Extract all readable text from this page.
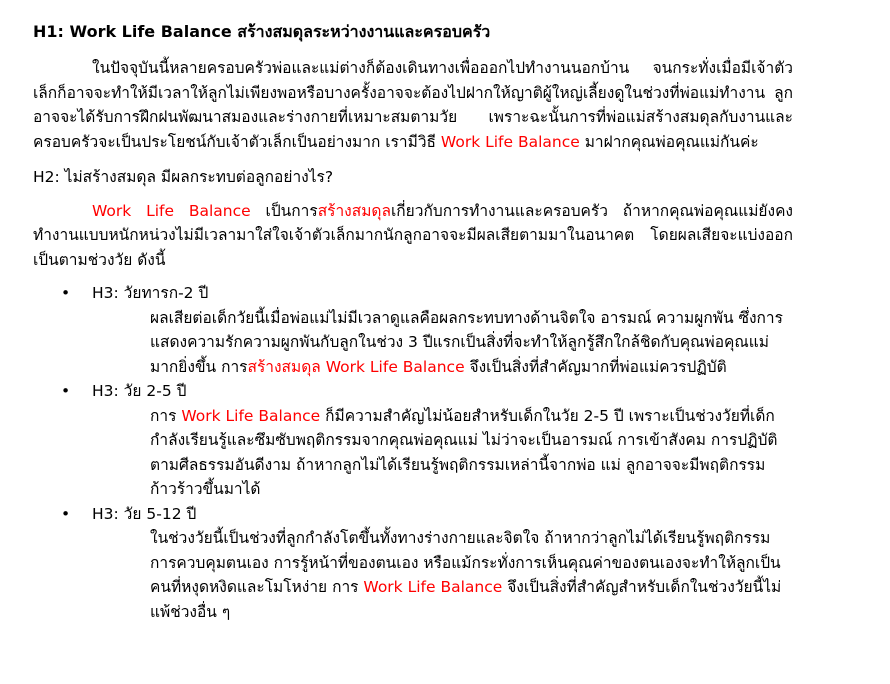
H1: Work Life Balance สร้างสมดุลระหว่างงานและครอบครัว

ในปัจจุบันนี้หลายครอบครัวพ่อและแม่ต่างก็ต้องเดินทางเพื่อออกไปทำงานนอกบ้าน จนกระทั่งเมื่อมีเจ้าตัวเล็กก็อาจจะทำให้มีเวลาให้ลูกไม่เพียงพอหรือบางครั้งอาจจะต้องไปฝากให้ญาติผู้ใหญ่เลี้ยงดูในช่วงที่พ่อแม่ทำงาน ลูกอาจจะได้รับการฝึกฝนพัฒนาสมองและร่างกายที่เหมาะสมตามวัย เพราะฉะนั้นการที่พ่อแม่สร้างสมดุลกับงานและครอบครัวจะเป็นประโยชน์กับเจ้าตัวเล็กเป็นอย่างมาก เรามีวิธี Work Life Balance มาฝากคุณพ่อคุณแม่กันค่ะ

H2: ไม่สร้างสมดุล มีผลกระทบต่อลูกอย่างไร?

Work Life Balance เป็นการสร้างสมดุลเกี่ยวกับการทำงานและครอบครัว ถ้าหากคุณพ่อคุณแม่ยังคงทำงานแบบหนักหน่วงไม่มีเวลามาใส่ใจเจ้าตัวเล็กมากนักลูกอาจจะมีผลเสียตามมาในอนาคต โดยผลเสียจะแบ่งออกเป็นตามช่วงวัย ดังนี้

• H3: วัยทารก-2 ปี
ผลเสียต่อเด็กวัยนี้เมื่อพ่อแม่ไม่มีเวลาดูแลคือผลกระทบทางด้านจิตใจ อารมณ์ ความผูกพัน ซึ่งการแสดงความรักความผูกพันกับลูกในช่วง 3 ปีแรกเป็นสิ่งที่จะทำให้ลูกรู้สึกใกล้ชิดกับคุณพ่อคุณแม่มากยิ่งขึ้น การสร้างสมดุล Work Life Balance จึงเป็นสิ่งที่สำคัญมากที่พ่อแม่ควรปฏิบัติ
• H3: วัย 2-5 ปี
การ Work Life Balance ก็มีความสำคัญไม่น้อยสำหรับเด็กในวัย 2-5 ปี เพราะเป็นช่วงวัยที่เด็กกำลังเรียนรู้และซึมซับพฤติกรรมจากคุณพ่อคุณแม่ ไม่ว่าจะเป็นอารมณ์ การเข้าสังคม การปฏิบัติตามศีลธรรมอันดีงาม ถ้าหากลูกไม่ได้เรียนรู้พฤติกรรมเหล่านี้จากพ่อ แม่ ลูกอาจจะมีพฤติกรรมก้าวร้าวขึ้นมาได้
• H3: วัย 5-12 ปี
ในช่วงวัยนี้เป็นช่วงที่ลูกกำลังโตขึ้นทั้งทางร่างกายและจิตใจ ถ้าหากว่าลูกไม่ได้เรียนรู้พฤติกรรมการควบคุมตนเอง การรู้หน้าที่ของตนเอง หรือแม้กระทั่งการเห็นคุณค่าของตนเองจะทำให้ลูกเป็นคนที่หงุดหงิดและโมโหง่าย การ Work Life Balance จึงเป็นสิ่งที่สำคัญสำหรับเด็กในช่วงวัยนี้ไม่แพ้ช่วงอื่น ๆ
